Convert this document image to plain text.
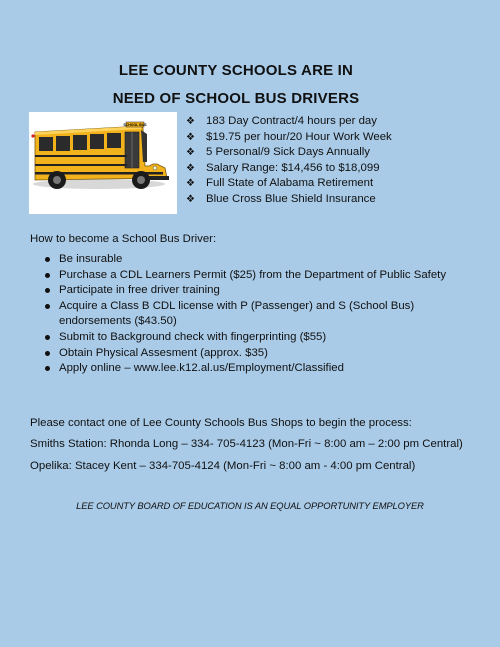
LEE COUNTY SCHOOLS ARE IN
NEED OF SCHOOL BUS DRIVERS
SCHOOL BUS	❖ 183 Day Contract/4 hours per day
❖ $19.75 per hour/20 Hour Work Week
❖ 5 Personal/9 Sick Days Annually
❖ Salary Range: $14,456 to $18,099
❖ Full State of Alabama Retirement
❖ Blue Cross Blue Shield Insurance
How to become a School Bus Driver:
Be insurable
Purchase a CDL Learners Permit ($25) from the Department of Public Safety
Participate in free driver training
Acquire a Class B CDL license with P (Passenger) and S (School Bus) endorsements ($43.50)
Submit to Background check with fingerprinting ($55)
Obtain Physical Assesment (approx. $35)
Apply online – www.lee.k12.al.us/Employment/Classified
Please contact one of Lee County Schools Bus Shops to begin the process:
Smiths Station: Rhonda Long – 334- 705-4123 (Mon-Fri ~ 8:00 am – 2:00 pm Central)
Opelika: Stacey Kent – 334-705-4124 (Mon-Fri ~ 8:00 am - 4:00 pm Central)
LEE COUNTY BOARD OF EDUCATION IS AN EQUAL OPPORTUNITY EMPLOYER
